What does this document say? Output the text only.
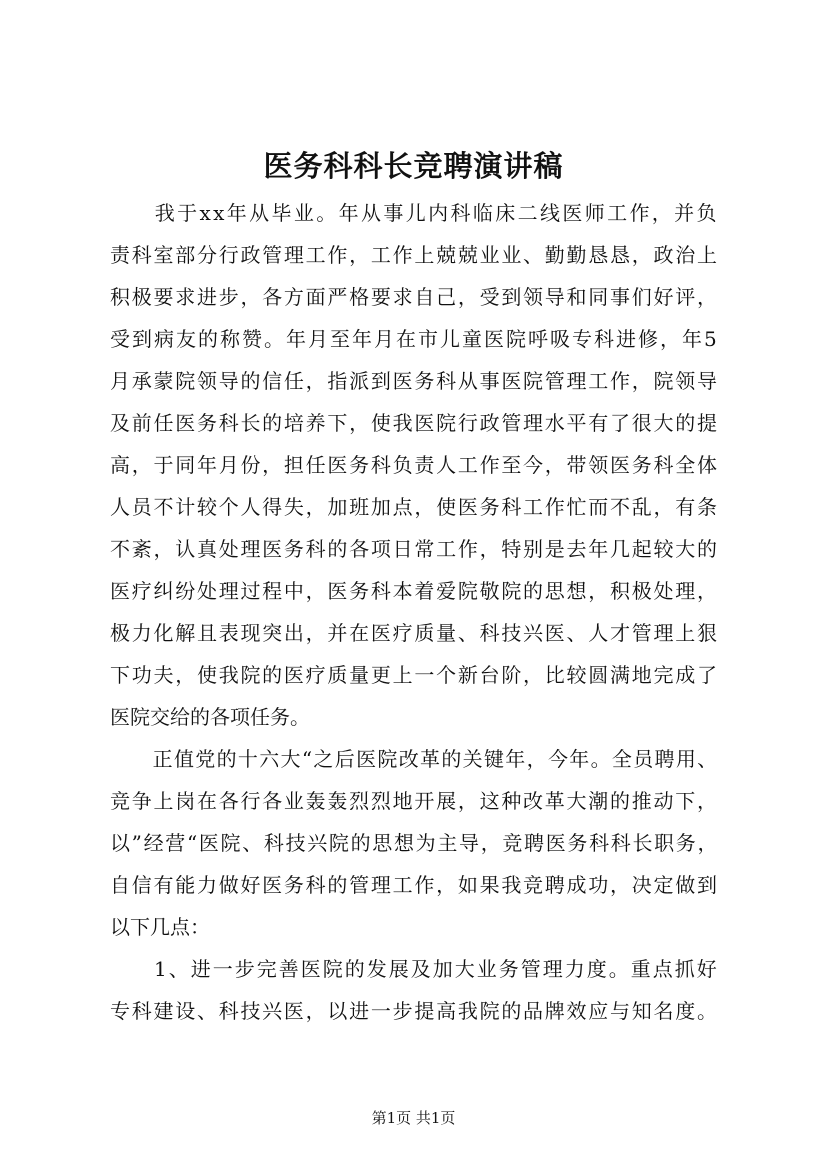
医务科科长竞聘演讲稿
　　我于xx年从毕业。年从事儿内科临床二线医师工作，并负
责科室部分行政管理工作，工作上兢兢业业、勤勤恳恳，政治上
积极要求进步，各方面严格要求自己，受到领导和同事们好评，
受到病友的称赞。年月至年月在市儿童医院呼吸专科进修，年5
月承蒙院领导的信任，指派到医务科从事医院管理工作，院领导
及前任医务科长的培养下，使我医院行政管理水平有了很大的提
高，于同年月份，担任医务科负责人工作至今，带领医务科全体
人员不计较个人得失，加班加点，使医务科工作忙而不乱，有条
不紊，认真处理医务科的各项日常工作，特别是去年几起较大的
医疗纠纷处理过程中，医务科本着爱院敬院的思想，积极处理，
极力化解且表现突出，并在医疗质量、科技兴医、人才管理上狠
下功夫，使我院的医疗质量更上一个新台阶，比较圆满地完成了
医院交给的各项任务。
　　正值党的十六大“之后医院改革的关键年，今年。全员聘用、
竞争上岗在各行各业轰轰烈烈地开展，这种改革大潮的推动下，
以”经营“医院、科技兴院的思想为主导，竞聘医务科科长职务，
自信有能力做好医务科的管理工作，如果我竞聘成功，决定做到
以下几点：
　　1、进一步完善医院的发展及加大业务管理力度。重点抓好
专科建设、科技兴医，以进一步提高我院的品牌效应与知名度。
第1页 共1页
